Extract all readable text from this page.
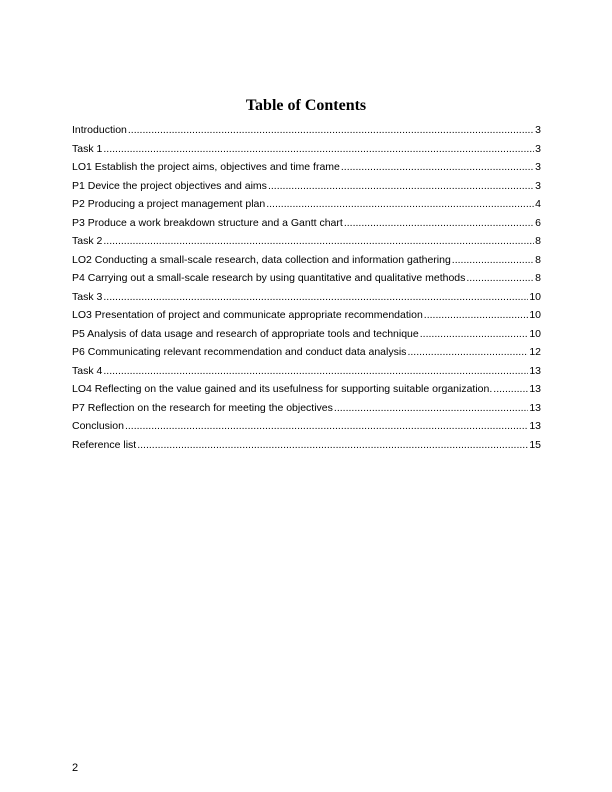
Table of Contents
Introduction .....	3
Task 1 .....	3
LO1 Establish the project aims, objectives and time frame .....	3
P1 Device the project objectives and aims .....	3
P2 Producing a project management plan .....	4
P3 Produce a work breakdown structure and a Gantt chart .....	6
Task 2 .....	8
LO2 Conducting a small-scale research, data collection and information gathering .....	8
P4 Carrying out a small-scale research by using quantitative and qualitative methods .....	8
Task 3 .....	10
LO3 Presentation of project and communicate appropriate recommendation .....	10
P5 Analysis of data usage and research of appropriate tools and technique .....	10
P6 Communicating relevant recommendation and conduct data analysis .....	12
Task 4 .....	13
LO4 Reflecting on the value gained and its usefulness for supporting suitable organization. .....	13
P7 Reflection on the research for meeting the objectives .....	13
Conclusion .....	13
Reference list .....	15
2
